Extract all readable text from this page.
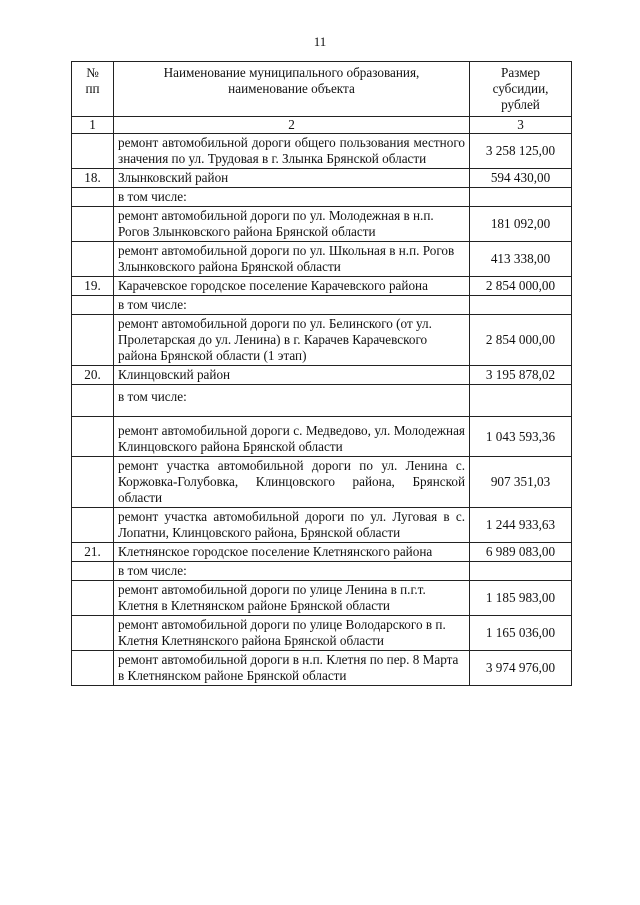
11
№ пп	Наименование муниципального образования, наименование объекта	Размер субсидии, рублей
1	2	3
	ремонт автомобильной дороги общего пользования местного значения по ул. Трудовая в г. Злынка Брянской области	3 258 125,00
18.	Злынковский район	594 430,00
	в том числе:	
	ремонт автомобильной дороги по ул. Молодежная в н.п. Рогов Злынковского района Брянской области	181 092,00
	ремонт автомобильной дороги по ул. Школьная в н.п. Рогов Злынковского района Брянской области	413 338,00
19.	Карачевское городское поселение Карачевского района	2 854 000,00
	в том числе:	
	ремонт автомобильной дороги по ул. Белинского (от ул. Пролетарская до ул. Ленина) в г. Карачев Карачевского района Брянской области (1 этап)	2 854 000,00
20.	Клинцовский район	3 195 878,02
	в том числе:	
	ремонт автомобильной дороги с. Медведово, ул. Молодежная Клинцовского района Брянской области	1 043 593,36
	ремонт участка автомобильной дороги по ул. Ленина с. Коржовка-Голубовка, Клинцовского района, Брянской области	907 351,03
	ремонт участка автомобильной дороги по ул. Луговая в с. Лопатни, Клинцовского района, Брянской области	1 244 933,63
21.	Клетнянское городское поселение Клетнянского района	6 989 083,00
	в том числе:	
	ремонт автомобильной дороги по улице Ленина в п.г.т. Клетня в Клетнянском районе Брянской области	1 185 983,00
	ремонт автомобильной дороги по улице Володарского в п. Клетня Клетнянского района Брянской области	1 165 036,00
	ремонт автомобильной дороги в н.п. Клетня по пер. 8 Марта в Клетнянском районе Брянской области	3 974 976,00
